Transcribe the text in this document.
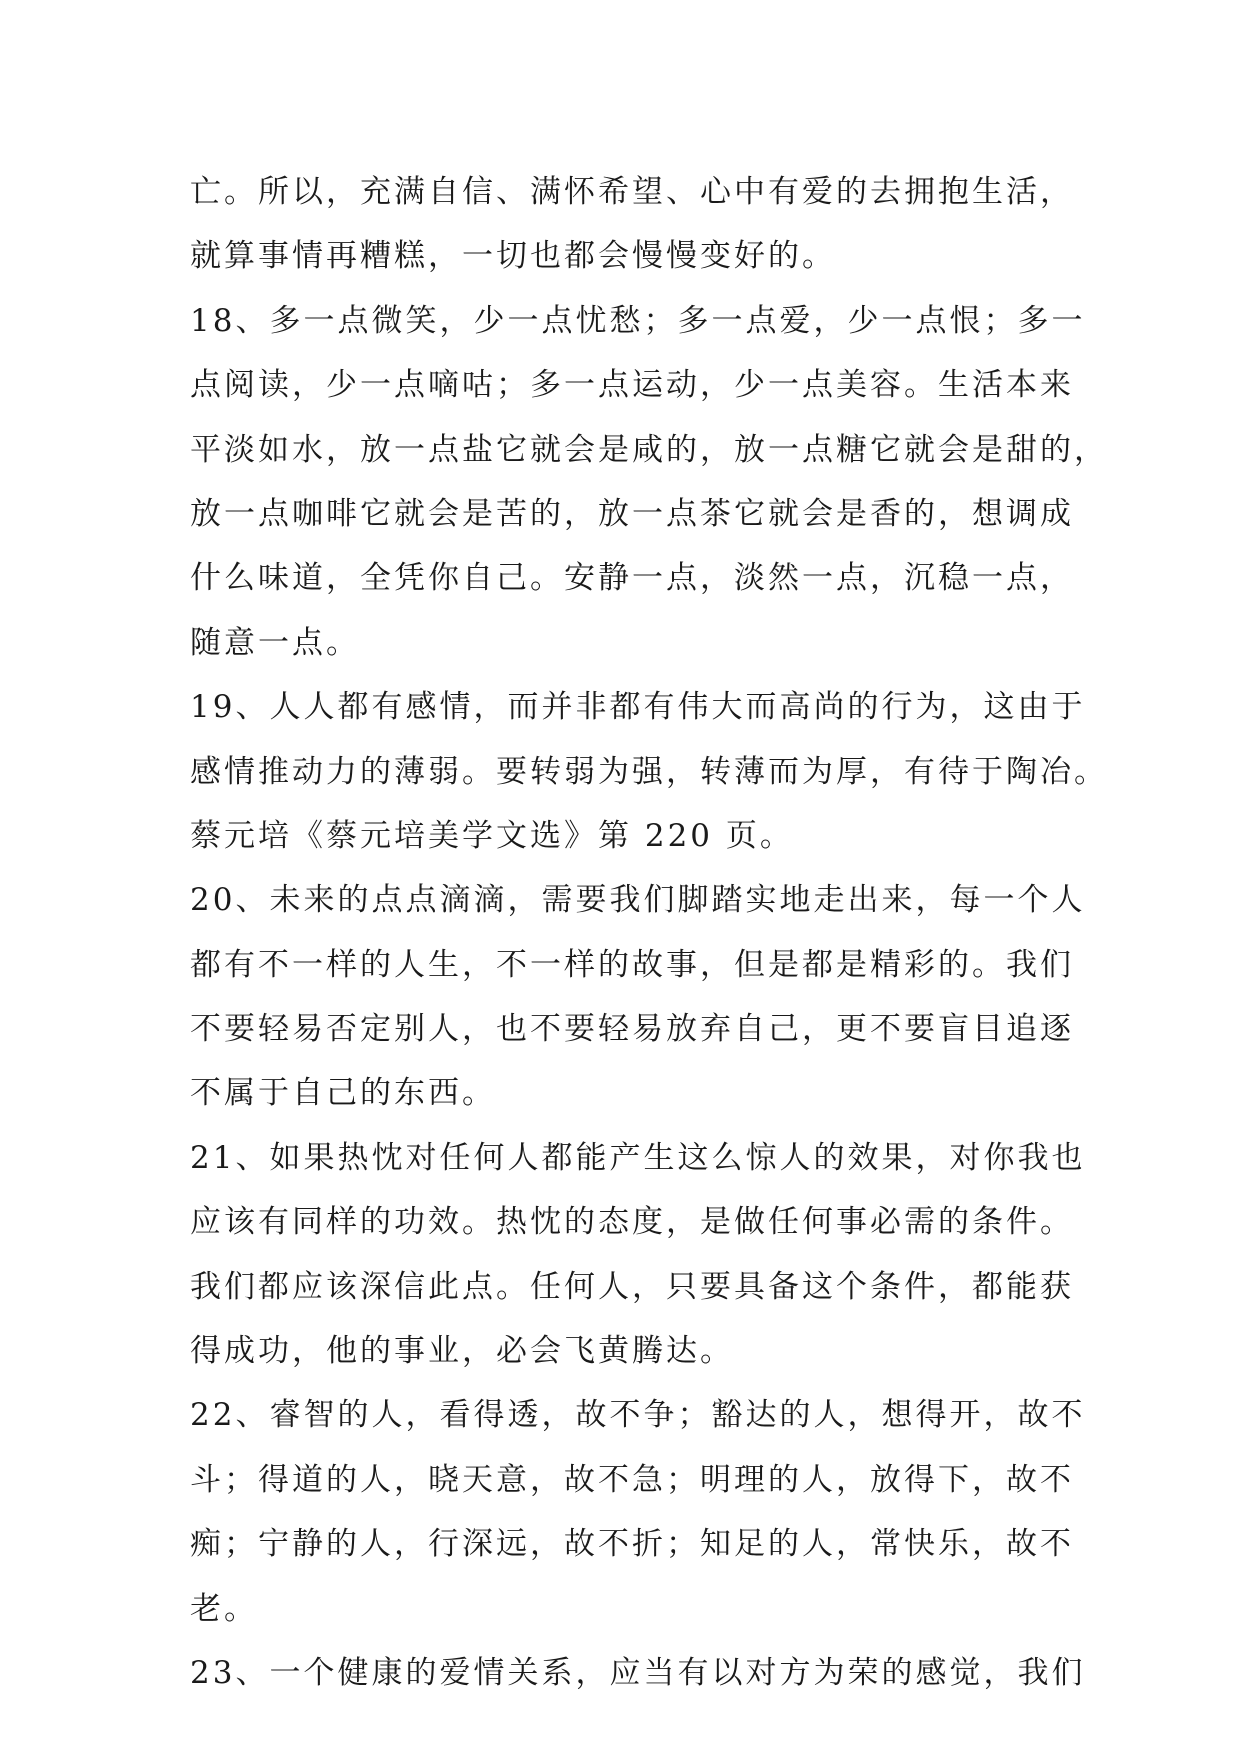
亡。所以，充满自信、满怀希望、心中有爱的去拥抱生活，
就算事情再糟糕，一切也都会慢慢变好的。
18、多一点微笑，少一点忧愁；多一点爱，少一点恨；多一
点阅读，少一点嘀咕；多一点运动，少一点美容。生活本来
平淡如水，放一点盐它就会是咸的，放一点糖它就会是甜的，
放一点咖啡它就会是苦的，放一点茶它就会是香的，想调成
什么味道，全凭你自己。安静一点，淡然一点，沉稳一点，
随意一点。
19、人人都有感情，而并非都有伟大而高尚的行为，这由于
感情推动力的薄弱。要转弱为强，转薄而为厚，有待于陶冶。
蔡元培《蔡元培美学文选》第 220 页。
20、未来的点点滴滴，需要我们脚踏实地走出来，每一个人
都有不一样的人生，不一样的故事，但是都是精彩的。我们
不要轻易否定别人，也不要轻易放弃自己，更不要盲目追逐
不属于自己的东西。
21、如果热忱对任何人都能产生这么惊人的效果，对你我也
应该有同样的功效。热忱的态度，是做任何事必需的条件。
我们都应该深信此点。任何人，只要具备这个条件，都能获
得成功，他的事业，必会飞黄腾达。
22、睿智的人，看得透，故不争；豁达的人，想得开，故不
斗；得道的人，晓天意，故不急；明理的人，放得下，故不
痴；宁静的人，行深远，故不折；知足的人，常快乐，故不
老。
23、一个健康的爱情关系，应当有以对方为荣的感觉，我们
